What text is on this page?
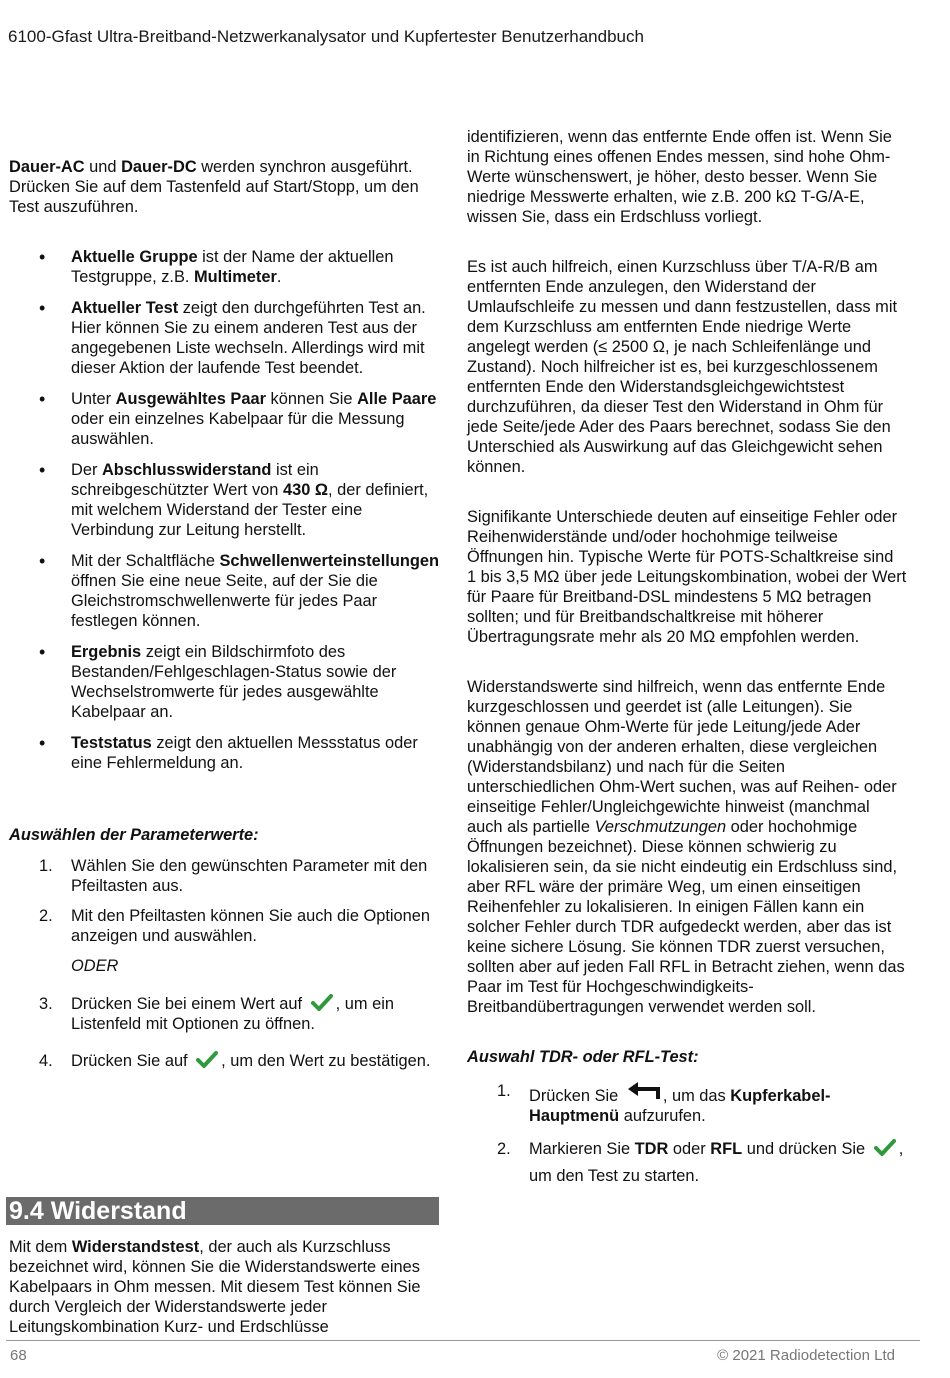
6100-Gfast Ultra-Breitband-Netzwerkanalysator und Kupfertester Benutzerhandbuch

Dauer-AC und Dauer-DC werden synchron ausgeführt. Drücken Sie auf dem Tastenfeld auf Start/Stopp, um den Test auszuführen.

• Aktuelle Gruppe ist der Name der aktuellen Testgruppe, z.B. Multimeter.
• Aktueller Test zeigt den durchgeführten Test an. Hier können Sie zu einem anderen Test aus der angegebenen Liste wechseln. Allerdings wird mit dieser Aktion der laufende Test beendet.
• Unter Ausgewähltes Paar können Sie Alle Paare oder ein einzelnes Kabelpaar für die Messung auswählen.
• Der Abschlusswiderstand ist ein schreibgeschützter Wert von 430 Ω, der definiert, mit welchem Widerstand der Tester eine Verbindung zur Leitung herstellt.
• Mit der Schaltfläche Schwellenwerteinstellungen öffnen Sie eine neue Seite, auf der Sie die Gleichstromschwellenwerte für jedes Paar festlegen können.
• Ergebnis zeigt ein Bildschirmfoto des Bestanden/Fehlgeschlagen-Status sowie der Wechselstromwerte für jedes ausgewählte Kabelpaar an.
• Teststatus zeigt den aktuellen Messstatus oder eine Fehlermeldung an.

Auswählen der Parameterwerte:

1. Wählen Sie den gewünschten Parameter mit den Pfeiltasten aus.
2. Mit den Pfeiltasten können Sie auch die Optionen anzeigen und auswählen.

ODER

3. Drücken Sie bei einem Wert auf , um ein Listenfeld mit Optionen zu öffnen.
4. Drücken Sie auf , um den Wert zu bestätigen.
9.4 Widerstand

Mit dem Widerstandstest, der auch als Kurzschluss bezeichnet wird, können Sie die Widerstandswerte eines Kabelpaars in Ohm messen. Mit diesem Test können Sie durch Vergleich der Widerstandswerte jeder Leitungskombination Kurz- und Erdschlüsse

identifizieren, wenn das entfernte Ende offen ist. Wenn Sie in Richtung eines offenen Endes messen, sind hohe Ohm-Werte wünschenswert, je höher, desto besser. Wenn Sie niedrige Messwerte erhalten, wie z.B. 200 kΩ T-G/A-E, wissen Sie, dass ein Erdschluss vorliegt.

Es ist auch hilfreich, einen Kurzschluss über T/A-R/B am entfernten Ende anzulegen, den Widerstand der Umlaufschleife zu messen und dann festzustellen, dass mit dem Kurzschluss am entfernten Ende niedrige Werte angelegt werden (≤ 2500 Ω, je nach Schleifenlänge und Zustand). Noch hilfreicher ist es, bei kurzgeschlossenem entfernten Ende den Widerstandsgleichgewichtstest durchzuführen, da dieser Test den Widerstand in Ohm für jede Seite/jede Ader des Paars berechnet, sodass Sie den Unterschied als Auswirkung auf das Gleichgewicht sehen können.

Signifikante Unterschiede deuten auf einseitige Fehler oder Reihenwiderstände und/oder hochohmige teilweise Öffnungen hin. Typische Werte für POTS-Schaltkreise sind 1 bis 3,5 MΩ über jede Leitungskombination, wobei der Wert für Paare für Breitband-DSL mindestens 5 MΩ betragen sollten; und für Breitbandschaltkreise mit höherer Übertragungsrate mehr als 20 MΩ empfohlen werden.

Widerstandswerte sind hilfreich, wenn das entfernte Ende kurzgeschlossen und geerdet ist (alle Leitungen). Sie können genaue Ohm-Werte für jede Leitung/jede Ader unabhängig von der anderen erhalten, diese vergleichen (Widerstandsbilanz) und nach für die Seiten unterschiedlichen Ohm-Wert suchen, was auf Reihen- oder einseitige Fehler/Ungleichgewichte hinweist (manchmal auch als partielle Verschmutzungen oder hochohmige Öffnungen bezeichnet). Diese können schwierig zu lokalisieren sein, da sie nicht eindeutig ein Erdschluss sind, aber RFL wäre der primäre Weg, um einen einseitigen Reihenfehler zu lokalisieren. In einigen Fällen kann ein solcher Fehler durch TDR aufgedeckt werden, aber das ist keine sichere Lösung. Sie können TDR zuerst versuchen, sollten aber auf jeden Fall RFL in Betracht ziehen, wenn das Paar im Test für Hochgeschwindigkeits-Breitbandübertragungen verwendet werden soll.

Auswahl TDR- oder RFL-Test:

1. Drücken Sie , um das Kupferkabel-Hauptmenü aufzurufen.
2. Markieren Sie TDR oder RFL und drücken Sie , um den Test zu starten.
68	© 2021 Radiodetection Ltd
